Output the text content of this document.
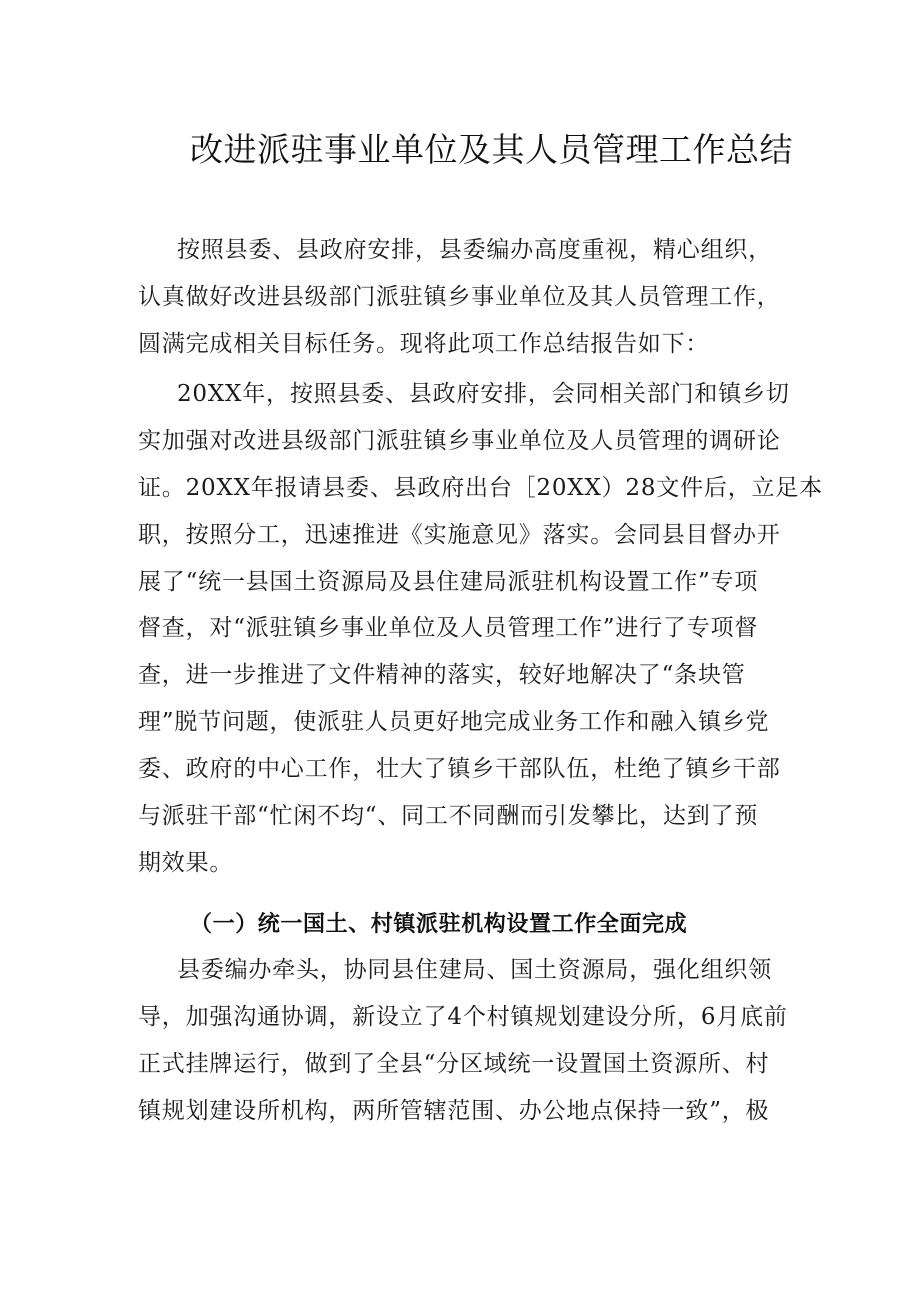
改进派驻事业单位及其人员管理工作总结
按照县委、县政府安排，县委编办高度重视，精心组织，
认真做好改进县级部门派驻镇乡事业单位及其人员管理工作，
圆满完成相关目标任务。现将此项工作总结报告如下：
20XX年，按照县委、县政府安排，会同相关部门和镇乡切
实加强对改进县级部门派驻镇乡事业单位及人员管理的调研论
证。20XX年报请县委、县政府出台［20XX）28文件后，立足本
职，按照分工，迅速推进《实施意见》落实。会同县目督办开
展了“统一县国土资源局及县住建局派驻机构设置工作”专项
督查，对“派驻镇乡事业单位及人员管理工作”进行了专项督
查，进一步推进了文件精神的落实，较好地解决了“条块管
理”脱节问题，使派驻人员更好地完成业务工作和融入镇乡党
委、政府的中心工作，壮大了镇乡干部队伍，杜绝了镇乡干部
与派驻干部“忙闲不均“、同工不同酬而引发攀比，达到了预
期效果。
（一）统一国土、村镇派驻机构设置工作全面完成
县委编办牵头，协同县住建局、国土资源局，强化组织领
导，加强沟通协调，新设立了4个村镇规划建设分所，6月底前
正式挂牌运行，做到了全县“分区域统一设置国土资源所、村
镇规划建设所机构，两所管辖范围、办公地点保持一致”，极
